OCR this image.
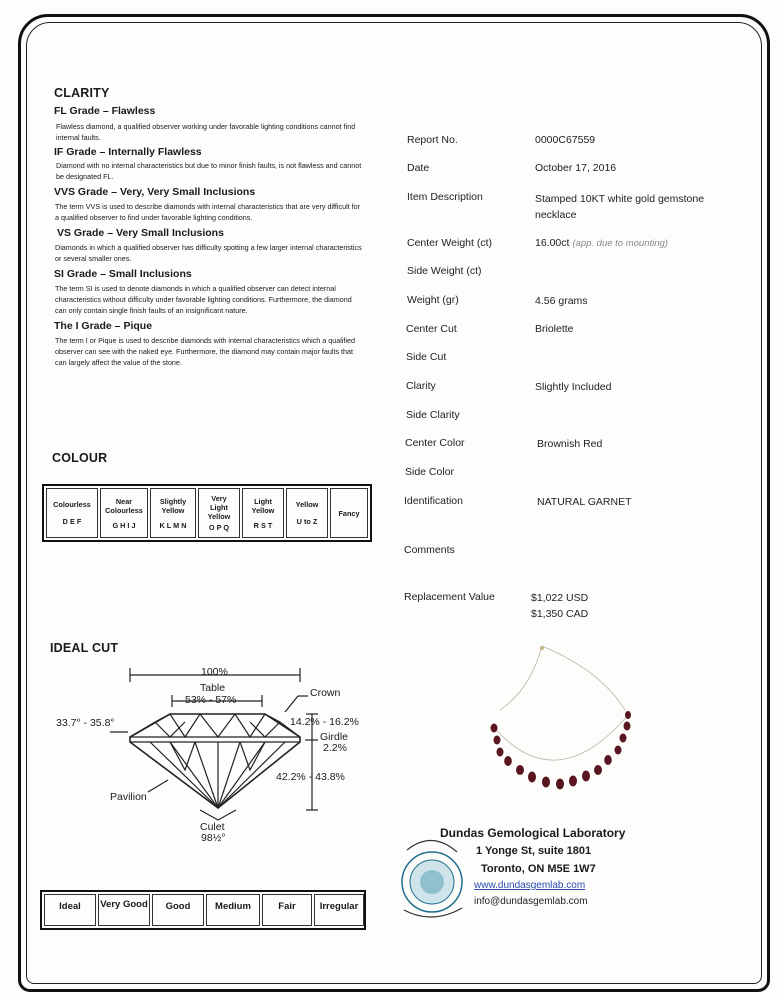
CLARITY
FL Grade – Flawless
Flawless diamond, a qualified observer working under favorable lighting conditions cannot find internal faults.
IF Grade – Internally Flawless
Diamond with no internal characteristics but due to minor finish faults, is not flawless and cannot be designated FL.
VVS Grade – Very, Very Small Inclusions
The term VVS is used to describe diamonds with internal characteristics that are very difficult for a qualified observer to find under favorable lighting conditions.
VS Grade – Very Small Inclusions
Diamonds in which a qualified observer has difficulty spotting a few larger internal characteristics or several smaller ones.
SI Grade – Small Inclusions
The term SI is used to denote diamonds in which a qualified observer can detect internal characteristics without difficulty under favorable lighting conditions. Furthermore, the diamond can only contain single finish faults of an insignificant nature.
The I Grade – Pique
The term I or Pique is used to describe diamonds with internal characteristics which a qualified observer can see with the naked eye. Furthermore, the diamond may contain major faults that can largely affect the value of the stone.
COLOUR
Colourless
D E F
Near Colourless
G H I J
Slightly Yellow
K L M N
Very Light Yellow
O P Q
Light Yellow
R S T
Yellow
U to Z
Fancy
IDEAL CUT
100%
Table
53% - 57%
Crown
33.7° - 35.8°	14.2% - 16.2%
Girdle
2.2%
42.2% - 43.8%
Pavilion
Culet
98½°
Ideal	Very Good	Good	Medium	Fair	Irregular
Report No.	0000C67559
Date	October 17, 2016
Item Description	Stamped 10KT white gold gemstone necklace
Center Weight (ct)	16.00ct (app. due to mounting)
Side Weight (ct)
Weight (gr)	4.56 grams
Center Cut	Briolette
Side Cut
Clarity	Slightly Included
Side Clarity
Center Color	Brownish Red
Side Color
Identification	NATURAL GARNET
Comments
Replacement Value	$1,022 USD
$1,350 CAD
Dundas Gemological Laboratory
1 Yonge St, suite 1801
Toronto, ON M5E 1W7
www.dundasgemlab.com
info@dundasgemlab.com
